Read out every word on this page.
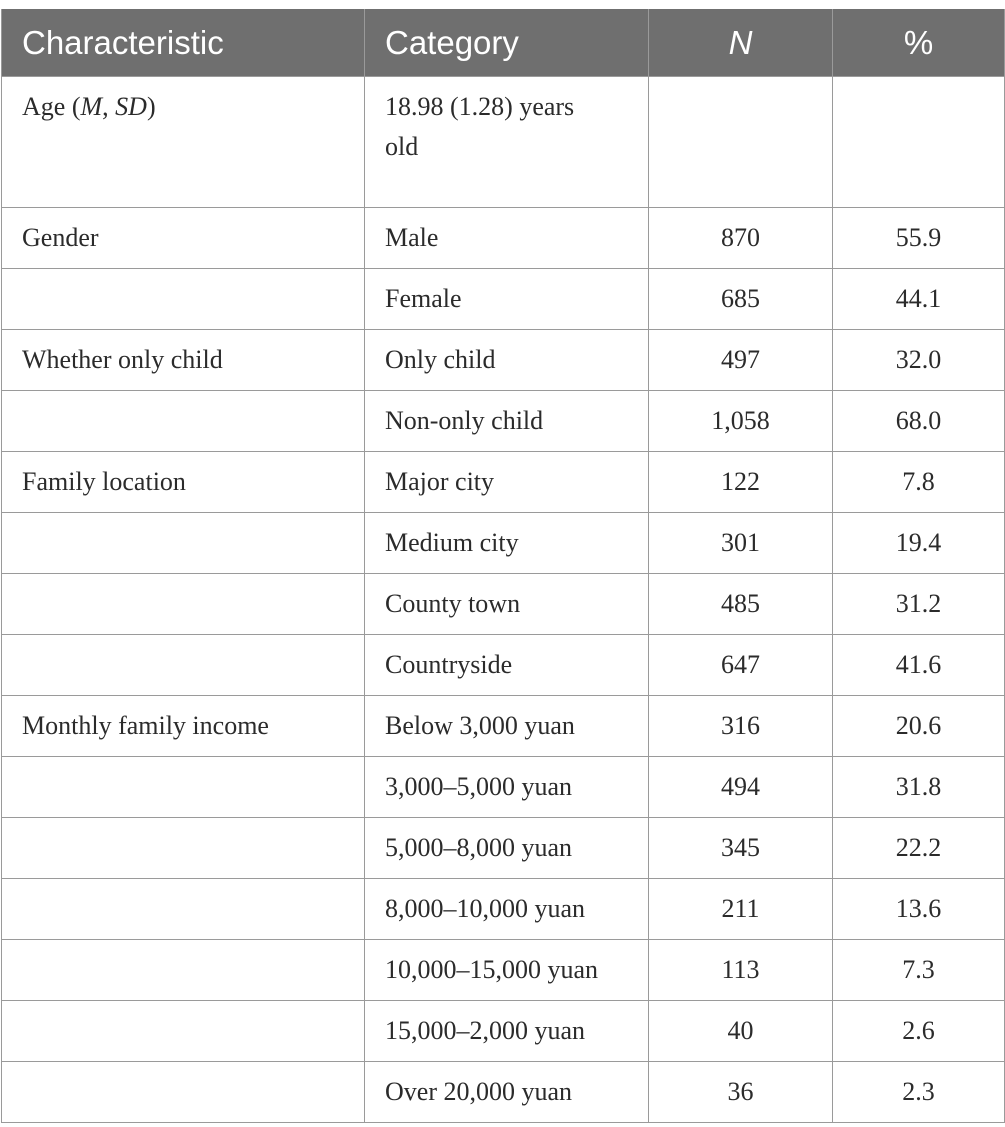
Characteristic	Category	N	%
Age (M, SD)	18.98 (1.28) years
old		

Gender	Male	870	55.9
	Female	685	44.1
Whether only child	Only child	497	32.0
	Non-only child	1,058	68.0
Family location	Major city	122	7.8
	Medium city	301	19.4
	County town	485	31.2
	Countryside	647	41.6
Monthly family income	Below 3,000 yuan	316	20.6
	3,000–5,000 yuan	494	31.8
	5,000–8,000 yuan	345	22.2
	8,000–10,000 yuan	211	13.6
	10,000–15,000 yuan	113	7.3
	15,000–2,000 yuan	40	2.6
	Over 20,000 yuan	36	2.3
